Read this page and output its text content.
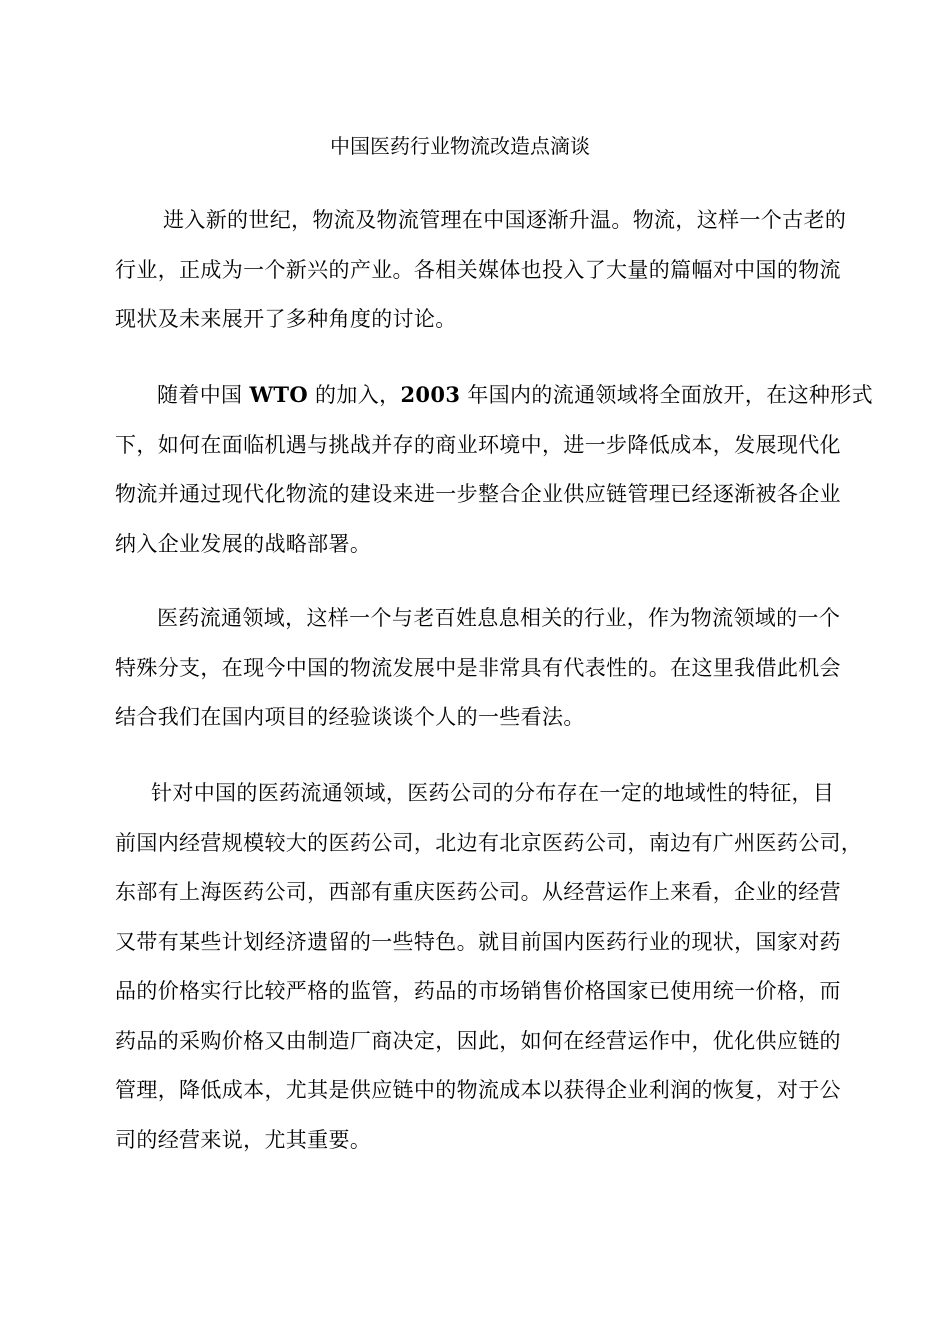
中国医药行业物流改造点滴谈
进入新的世纪，物流及物流管理在中国逐渐升温。物流，这样一个古老的
行业，正成为一个新兴的产业。各相关媒体也投入了大量的篇幅对中国的物流
现状及未来展开了多种角度的讨论。
随着中国 WTO 的加入，2003 年国内的流通领域将全面放开，在这种形式
下，如何在面临机遇与挑战并存的商业环境中，进一步降低成本，发展现代化
物流并通过现代化物流的建设来进一步整合企业供应链管理已经逐渐被各企业
纳入企业发展的战略部署。
医药流通领域，这样一个与老百姓息息相关的行业，作为物流领域的一个
特殊分支，在现今中国的物流发展中是非常具有代表性的。在这里我借此机会
结合我们在国内项目的经验谈谈个人的一些看法。
针对中国的医药流通领域，医药公司的分布存在一定的地域性的特征，目
前国内经营规模较大的医药公司，北边有北京医药公司，南边有广州医药公司，
东部有上海医药公司，西部有重庆医药公司。从经营运作上来看，企业的经营
又带有某些计划经济遗留的一些特色。就目前国内医药行业的现状，国家对药
品的价格实行比较严格的监管，药品的市场销售价格国家已使用统一价格，而
药品的采购价格又由制造厂商决定，因此，如何在经营运作中，优化供应链的
管理，降低成本，尤其是供应链中的物流成本以获得企业利润的恢复，对于公
司的经营来说，尤其重要。
